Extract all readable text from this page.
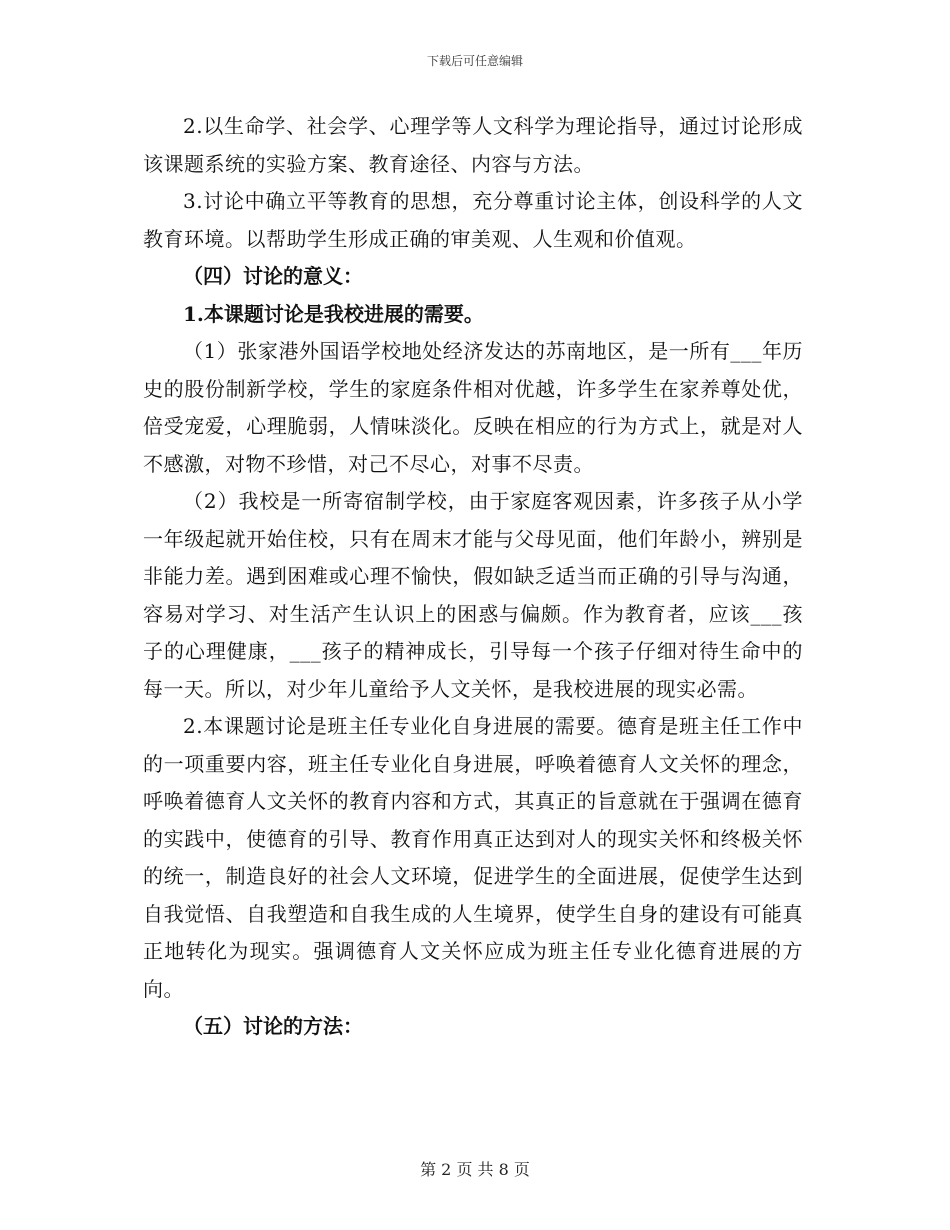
下载后可任意编辑

2.以生命学、社会学、心理学等人文科学为理论指导，通过讨论形成该课题系统的实验方案、教育途径、内容与方法。

3.讨论中确立平等教育的思想，充分尊重讨论主体，创设科学的人文教育环境。以帮助学生形成正确的审美观、人生观和价值观。

（四）讨论的意义：

1.本课题讨论是我校进展的需要。

（1）张家港外国语学校地处经济发达的苏南地区，是一所有___年历史的股份制新学校，学生的家庭条件相对优越，许多学生在家养尊处优，倍受宠爱，心理脆弱，人情味淡化。反映在相应的行为方式上，就是对人不感激，对物不珍惜，对己不尽心，对事不尽责。

（2）我校是一所寄宿制学校，由于家庭客观因素，许多孩子从小学一年级起就开始住校，只有在周末才能与父母见面，他们年龄小，辨别是非能力差。遇到困难或心理不愉快，假如缺乏适当而正确的引导与沟通，容易对学习、对生活产生认识上的困惑与偏颇。作为教育者，应该___孩子的心理健康，___孩子的精神成长，引导每一个孩子仔细对待生命中的每一天。所以，对少年儿童给予人文关怀，是我校进展的现实必需。

2.本课题讨论是班主任专业化自身进展的需要。德育是班主任工作中的一项重要内容，班主任专业化自身进展，呼唤着德育人文关怀的理念，呼唤着德育人文关怀的教育内容和方式，其真正的旨意就在于强调在德育的实践中，使德育的引导、教育作用真正达到对人的现实关怀和终极关怀的统一，制造良好的社会人文环境，促进学生的全面进展，促使学生达到自我觉悟、自我塑造和自我生成的人生境界，使学生自身的建设有可能真正地转化为现实。强调德育人文关怀应成为班主任专业化德育进展的方向。

（五）讨论的方法：

第 2 页 共 8 页
